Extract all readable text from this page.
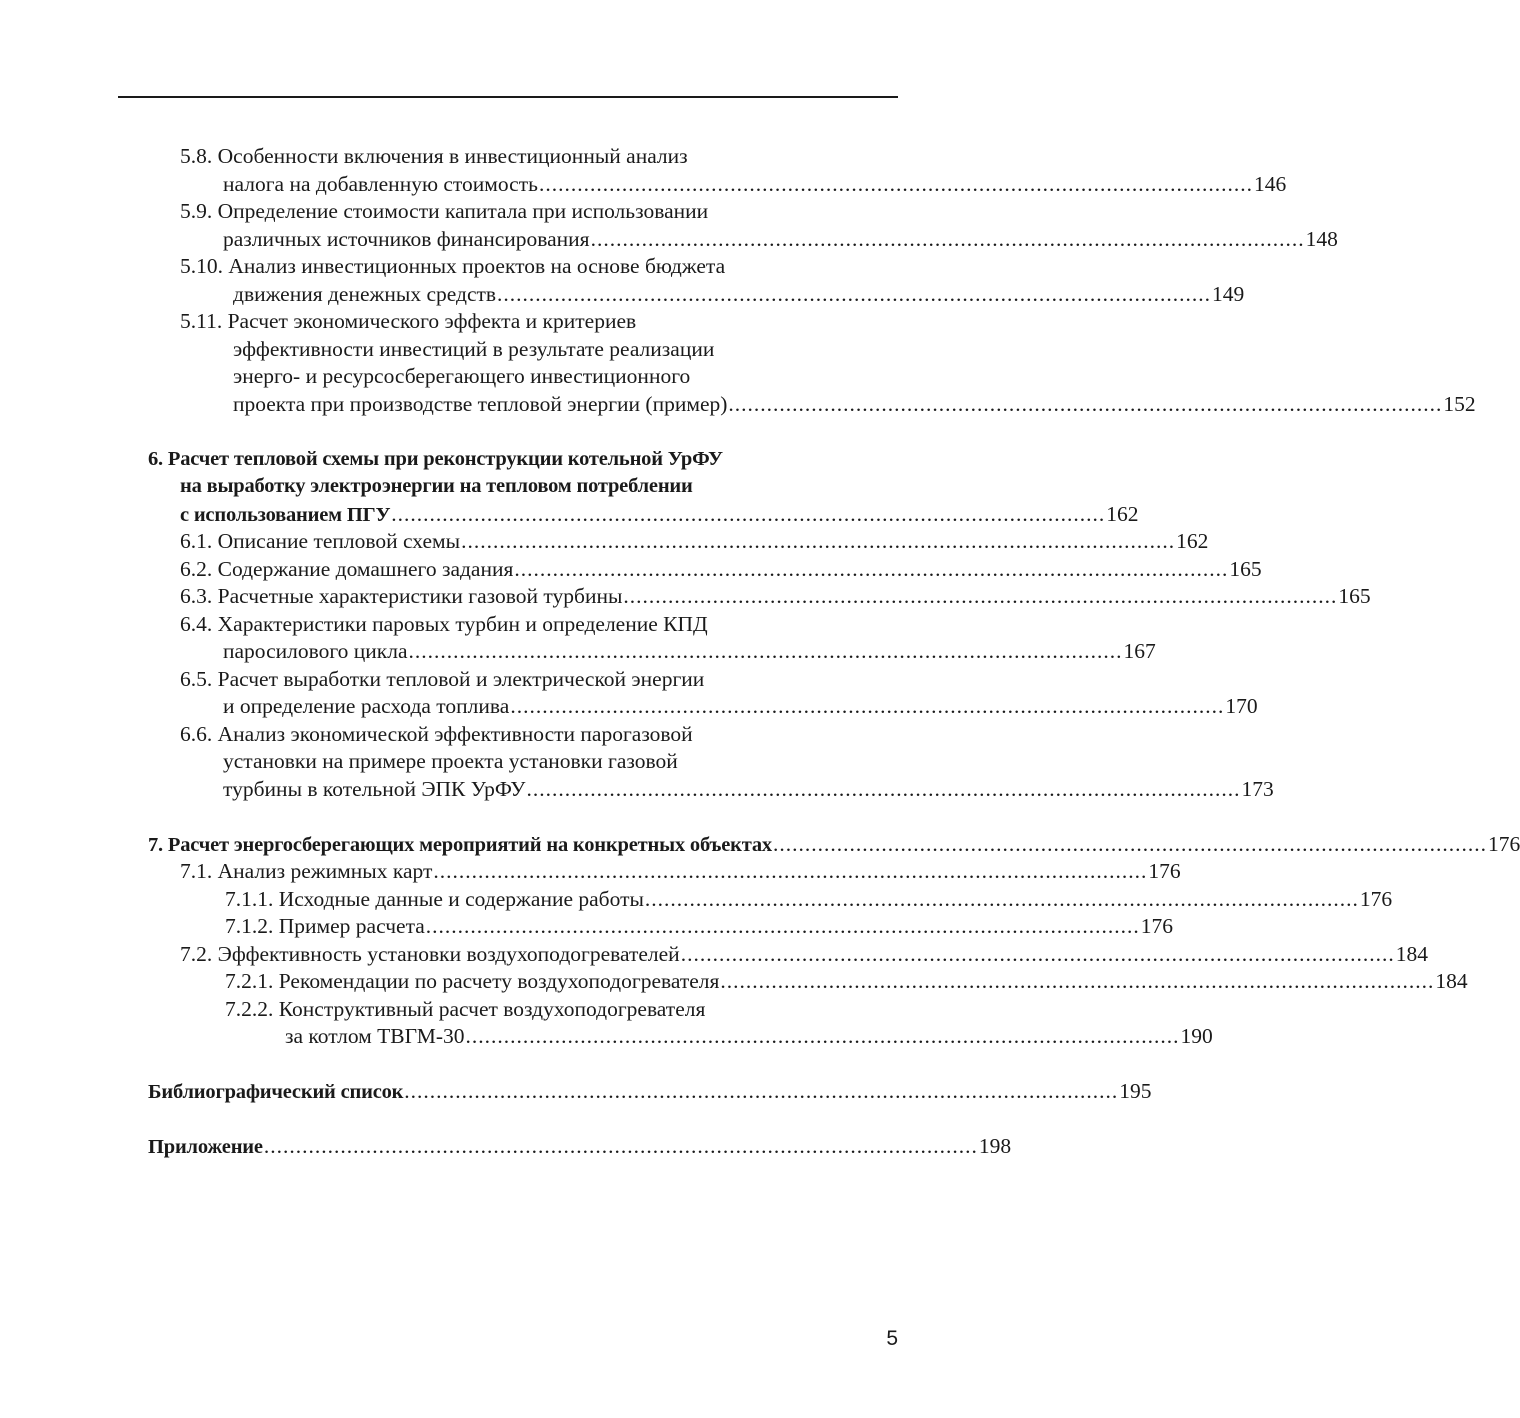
5.8. Особенности включения в инвестиционный анализ
налога на добавленную стоимость ................................................................................................................ 146
5.9. Определение стоимости капитала при использовании
различных источников финансирования ................................................................................................................ 148
5.10. Анализ инвестиционных проектов на основе бюджета
движения денежных средств ................................................................................................................ 149
5.11. Расчет экономического эффекта и критериев
эффективности инвестиций в результате реализации
энерго- и ресурсосберегающего инвестиционного
проекта при производстве тепловой энергии (пример) ................................................................................................................ 152
6. Расчет тепловой схемы при реконструкции котельной УрФУ
на выработку электроэнергии на тепловом потреблении
с использованием ПГУ ................................................................................................................ 162
6.1. Описание тепловой схемы ................................................................................................................ 162
6.2. Содержание домашнего задания ................................................................................................................ 165
6.3. Расчетные характеристики газовой турбины ................................................................................................................ 165
6.4. Характеристики паровых турбин и определение КПД
паросилового цикла ................................................................................................................ 167
6.5. Расчет выработки тепловой и электрической энергии
и определение расхода топлива ................................................................................................................ 170
6.6. Анализ экономической эффективности парогазовой
установки на примере проекта установки газовой
турбины в котельной ЭПК УрФУ ................................................................................................................ 173
7. Расчет энергосберегающих мероприятий на конкретных объектах ................................................................................................................ 176
7.1. Анализ режимных карт ................................................................................................................ 176
7.1.1. Исходные данные и содержание работы ................................................................................................................ 176
7.1.2. Пример расчета ................................................................................................................ 176
7.2. Эффективность установки воздухоподогревателей ................................................................................................................ 184
7.2.1. Рекомендации по расчету воздухоподогревателя ................................................................................................................ 184
7.2.2. Конструктивный расчет воздухоподогревателя
за котлом ТВГМ-30 ................................................................................................................ 190
Библиографический список ................................................................................................................ 195
Приложение ................................................................................................................ 198
5
